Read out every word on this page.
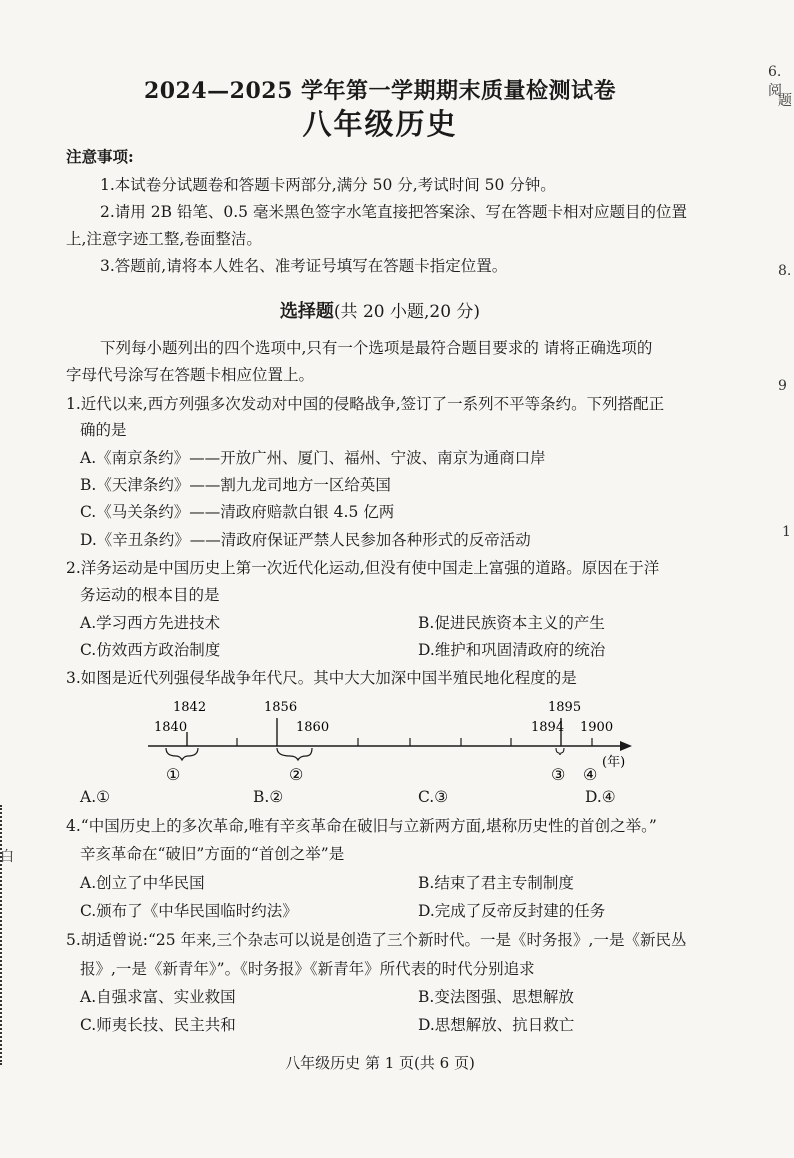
2024—2025 学年第一学期期末质量检测试卷
八年级历史
注意事项:
1.本试卷分试题卷和答题卡两部分,满分 50 分,考试时间 50 分钟。
2.请用 2B 铅笔、0.5 毫米黑色签字水笔直接把答案涂、写在答题卡相对应题目的位置
上,注意字迹工整,卷面整洁。
3.答题前,请将本人姓名、准考证号填写在答题卡指定位置。
选择题(共 20 小题,20 分)
下列每小题列出的四个选项中,只有一个选项是最符合题目要求的 请将正确选项的
字母代号涂写在答题卡相应位置上。
1.近代以来,西方列强多次发动对中国的侵略战争,签订了一系列不平等条约。下列搭配正
确的是
A.《南京条约》——开放广州、厦门、福州、宁波、南京为通商口岸
B.《天津条约》——割九龙司地方一区给英国
C.《马关条约》——清政府赔款白银 4.5 亿两
D.《辛丑条约》——清政府保证严禁人民参加各种形式的反帝活动
2.洋务运动是中国历史上第一次近代化运动,但没有使中国走上富强的道路。原因在于洋
务运动的根本目的是
A.学习西方先进技术	B.促进民族资本主义的产生
C.仿效西方政治制度	D.维护和巩固清政府的统治
3.如图是近代列强侵华战争年代尺。其中大大加深中国半殖民地化程度的是
1842	1856	1895
1840	1860	1894 1900
①	②	③ ④
(年)
A.①	B.②	C.③	D.④
4.“中国历史上的多次革命,唯有辛亥革命在破旧与立新两方面,堪称历史性的首创之举。”
辛亥革命在“破旧”方面的“首创之举”是
A.创立了中华民国	B.结束了君主专制制度
C.颁布了《中华民国临时约法》	D.完成了反帝反封建的任务
5.胡适曾说:“25 年来,三个杂志可以说是创造了三个新时代。一是《时务报》,一是《新民丛
报》,一是《新青年》”。《时务报》《新青年》所代表的时代分别追求
A.自强求富、实业救国	B.变法图强、思想解放
C.师夷长技、民主共和	D.思想解放、抗日救亡
八年级历史 第 1 页(共 6 页)
6.阅
题
8.
9
1
白
